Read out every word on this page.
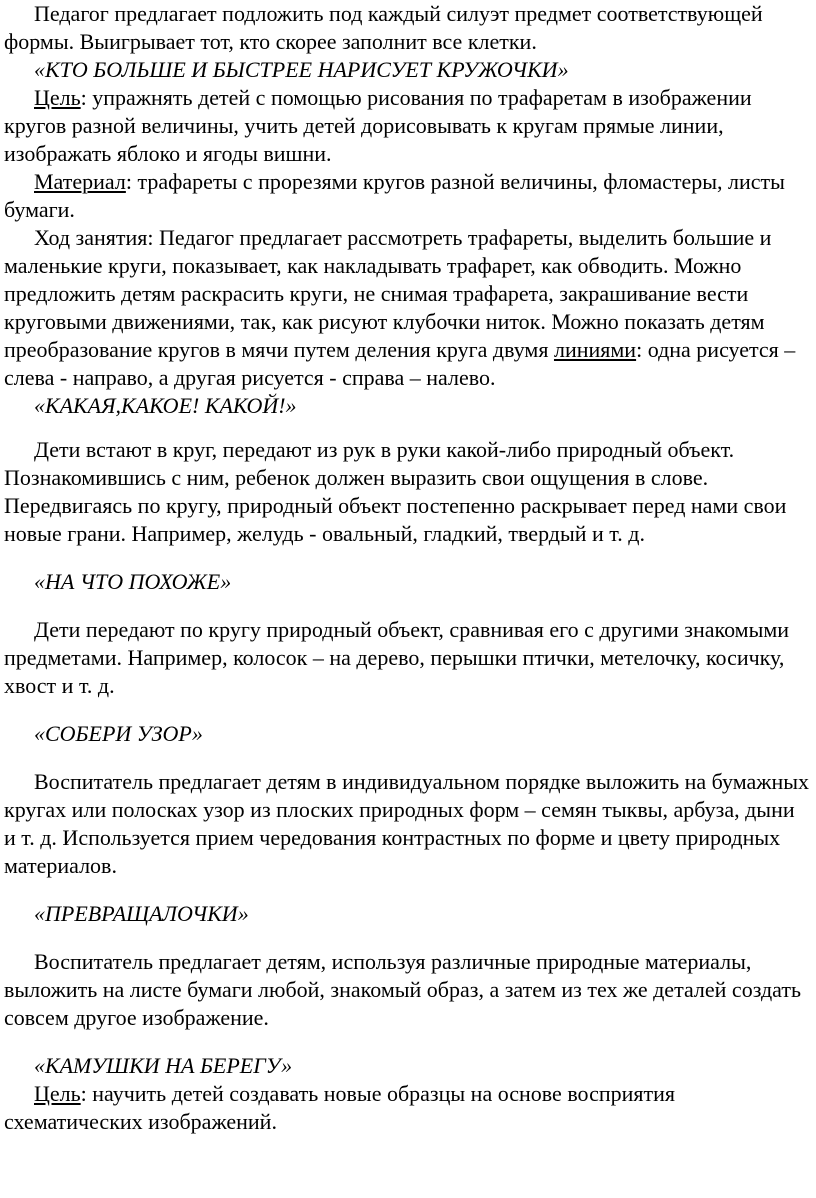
Педагог предлагает подложить под каждый силуэт предмет соответствующей формы. Выигрывает тот, кто скорее заполнит все клетки.

«КТО БОЛЬШЕ И БЫСТРЕЕ НАРИСУЕТ КРУЖОЧКИ»

Цель: упражнять детей с помощью рисования по трафаретам в изображении кругов разной величины, учить детей дорисовывать к кругам прямые линии, изображать яблоко и ягоды вишни.

Материал: трафареты с прорезями кругов разной величины, фломастеры, листы бумаги.

Ход занятия: Педагог предлагает рассмотреть трафареты, выделить большие и маленькие круги, показывает, как накладывать трафарет, как обводить. Можно предложить детям раскрасить круги, не снимая трафарета, закрашивание вести круговыми движениями, так, как рисуют клубочки ниток. Можно показать детям преобразование кругов в мячи путем деления круга двумя линиями: одна рисуется – слева - направо, а другая рисуется - справа – налево.

«КАКАЯ,КАКОЕ! КАКОЙ!»

Дети встают в круг, передают из рук в руки какой-либо природный объект. Познакомившись с ним, ребенок должен выразить свои ощущения в слове. Передвигаясь по кругу, природный объект постепенно раскрывает перед нами свои новые грани. Например, желудь - овальный, гладкий, твердый и т. д.

«НА ЧТО ПОХОЖЕ»

Дети передают по кругу природный объект, сравнивая его с другими знакомыми предметами. Например, колосок – на дерево, перышки птички, метелочку, косичку, хвост и т. д.

«СОБЕРИ УЗОР»

Воспитатель предлагает детям в индивидуальном порядке выложить на бумажных кругах или полосках узор из плоских природных форм – семян тыквы, арбуза, дыни и т. д. Используется прием чередования контрастных по форме и цвету природных материалов.

«ПРЕВРАЩАЛОЧКИ»

Воспитатель предлагает детям, используя различные природные материалы, выложить на листе бумаги любой, знакомый образ, а затем из тех же деталей создать совсем другое изображение.

«КАМУШКИ НА БЕРЕГУ»

Цель: научить детей создавать новые образцы на основе восприятия схематических изображений.
